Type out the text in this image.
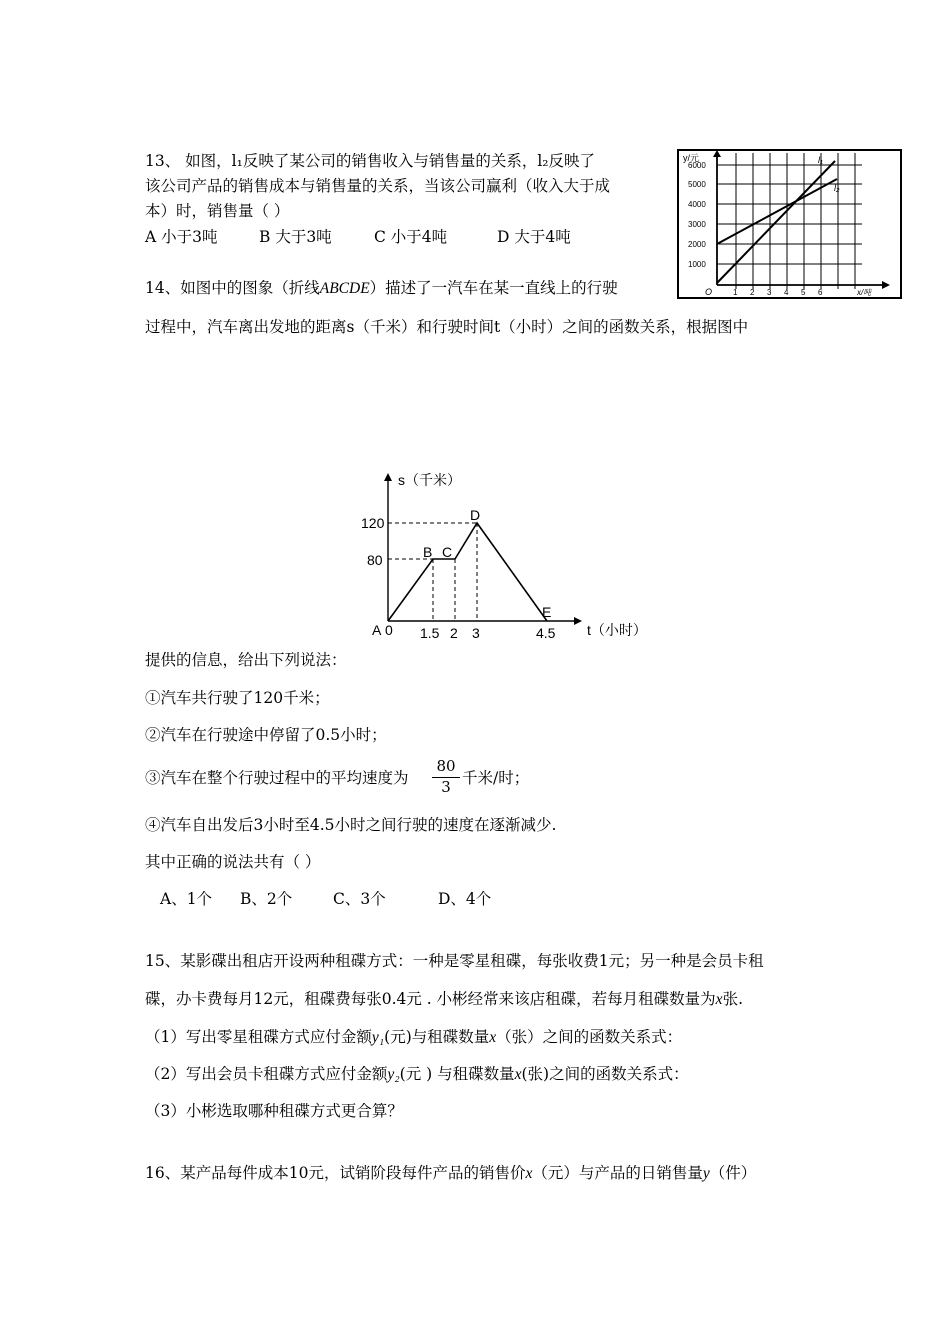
13、 如图，l₁反映了某公司的销售收入与销售量的关系，l₂反映了
该公司产品的销售成本与销售量的关系，当该公司赢利（收入大于成
本）时，销售量（ ）
A 小于3吨	B 大于3吨	C 小于4吨	D 大于4吨
y/元
6000
5000
4000
3000
2000
1000
O	1 2 3 4 5 6	x/吨
l₁
l₂
14、如图中的图象（折线ABCDE）描述了一汽车在某一直线上的行驶
过程中，汽车离出发地的距离s（千米）和行驶时间t（小时）之间的函数关系，根据图中
s（千米）
t（小时）
120
80
A 0 1.5 2 3	4.5
B C
D
E
提供的信息，给出下列说法：
①汽车共行驶了120千米；
②汽车在行驶途中停留了0.5小时；
③汽车在整个行驶过程中的平均速度为 $\frac{80}{3}$ 千米/时；
④汽车自出发后3小时至4.5小时之间行驶的速度在逐渐减少.
其中正确的说法共有（ ）
A、1个 B、2个	C、3个	D、4个
15、某影碟出租店开设两种租碟方式：一种是零星租碟，每张收费1元；另一种是会员卡租
碟，办卡费每月12元，租碟费每张0.4元 . 小彬经常来该店租碟，若每月租碟数量为x张.
（1）写出零星租碟方式应付金额y₁(元)与租碟数量x（张）之间的函数关系式：
（2）写出会员卡租碟方式应付金额y₂(元 ) 与租碟数量x(张)之间的函数关系式：
（3）小彬选取哪种租碟方式更合算？
16、某产品每件成本10元，试销阶段每件产品的销售价x（元）与产品的日销售量y（件）
